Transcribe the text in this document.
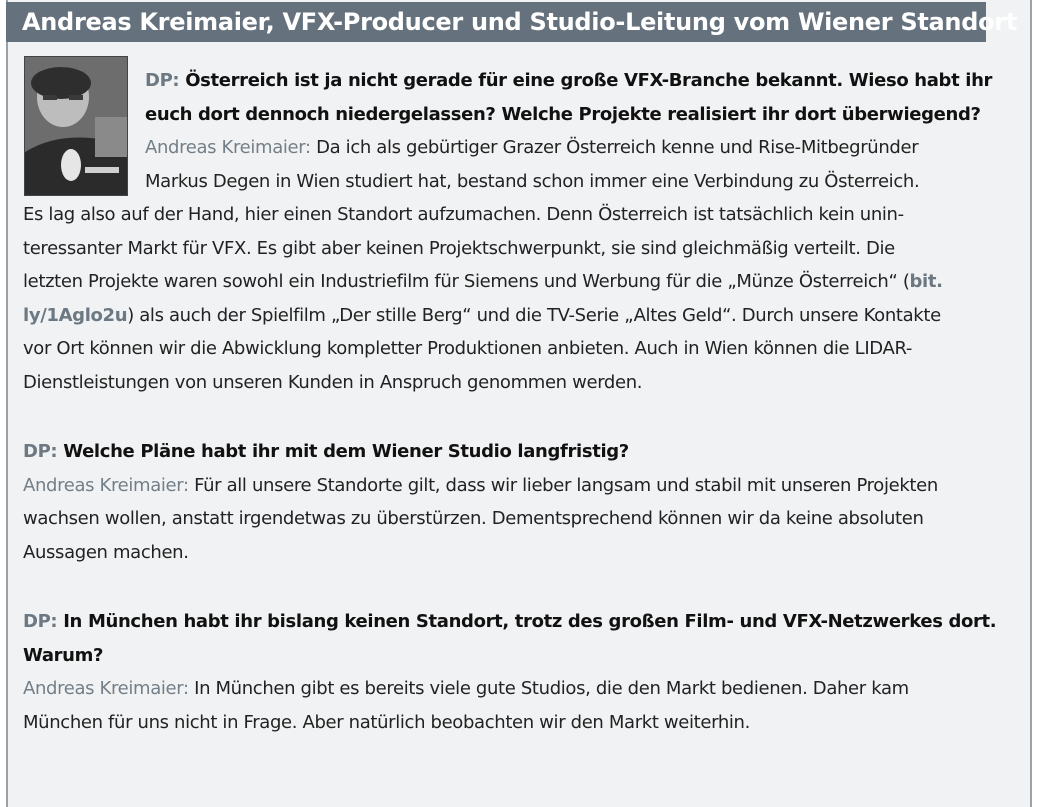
Andreas Kreimaier, VFX-Producer und Studio-Leitung vom Wiener Standort

DP: Österreich ist ja nicht gerade für eine große VFX-Branche bekannt. Wieso habt ihr

euch dort dennoch niedergelassen? Welche Projekte realisiert ihr dort überwiegend?

Andreas Kreimaier: Da ich als gebürtiger Grazer Österreich kenne und Rise-Mitbegründer

Markus Degen in Wien studiert hat, bestand schon immer eine Verbindung zu Österreich.

Es lag also auf der Hand, hier einen Standort aufzumachen. Denn Österreich ist tatsächlich kein unin-

teressanter Markt für VFX. Es gibt aber keinen Projektschwerpunkt, sie sind gleichmäßig verteilt. Die

letzten Projekte waren sowohl ein Industriefilm für Siemens und Werbung für die „Münze Österreich“ (bit.

ly/1Aglo2u) als auch der Spielfilm „Der stille Berg“ und die TV-Serie „Altes Geld“. Durch unsere Kontakte

vor Ort können wir die Abwicklung kompletter Produktionen anbieten. Auch in Wien können die LIDAR-

Dienstleistungen von unseren Kunden in Anspruch genommen werden.

DP: Welche Pläne habt ihr mit dem Wiener Studio langfristig?

Andreas Kreimaier: Für all unsere Standorte gilt, dass wir lieber langsam und stabil mit unseren Projekten

wachsen wollen, anstatt irgendetwas zu überstürzen. Dementsprechend können wir da keine absoluten

Aussagen machen.

DP: In München habt ihr bislang keinen Standort, trotz des großen Film- und VFX-Netzwerkes dort.

Warum?

Andreas Kreimaier: In München gibt es bereits viele gute Studios, die den Markt bedienen. Daher kam

München für uns nicht in Frage. Aber natürlich beobachten wir den Markt weiterhin.
